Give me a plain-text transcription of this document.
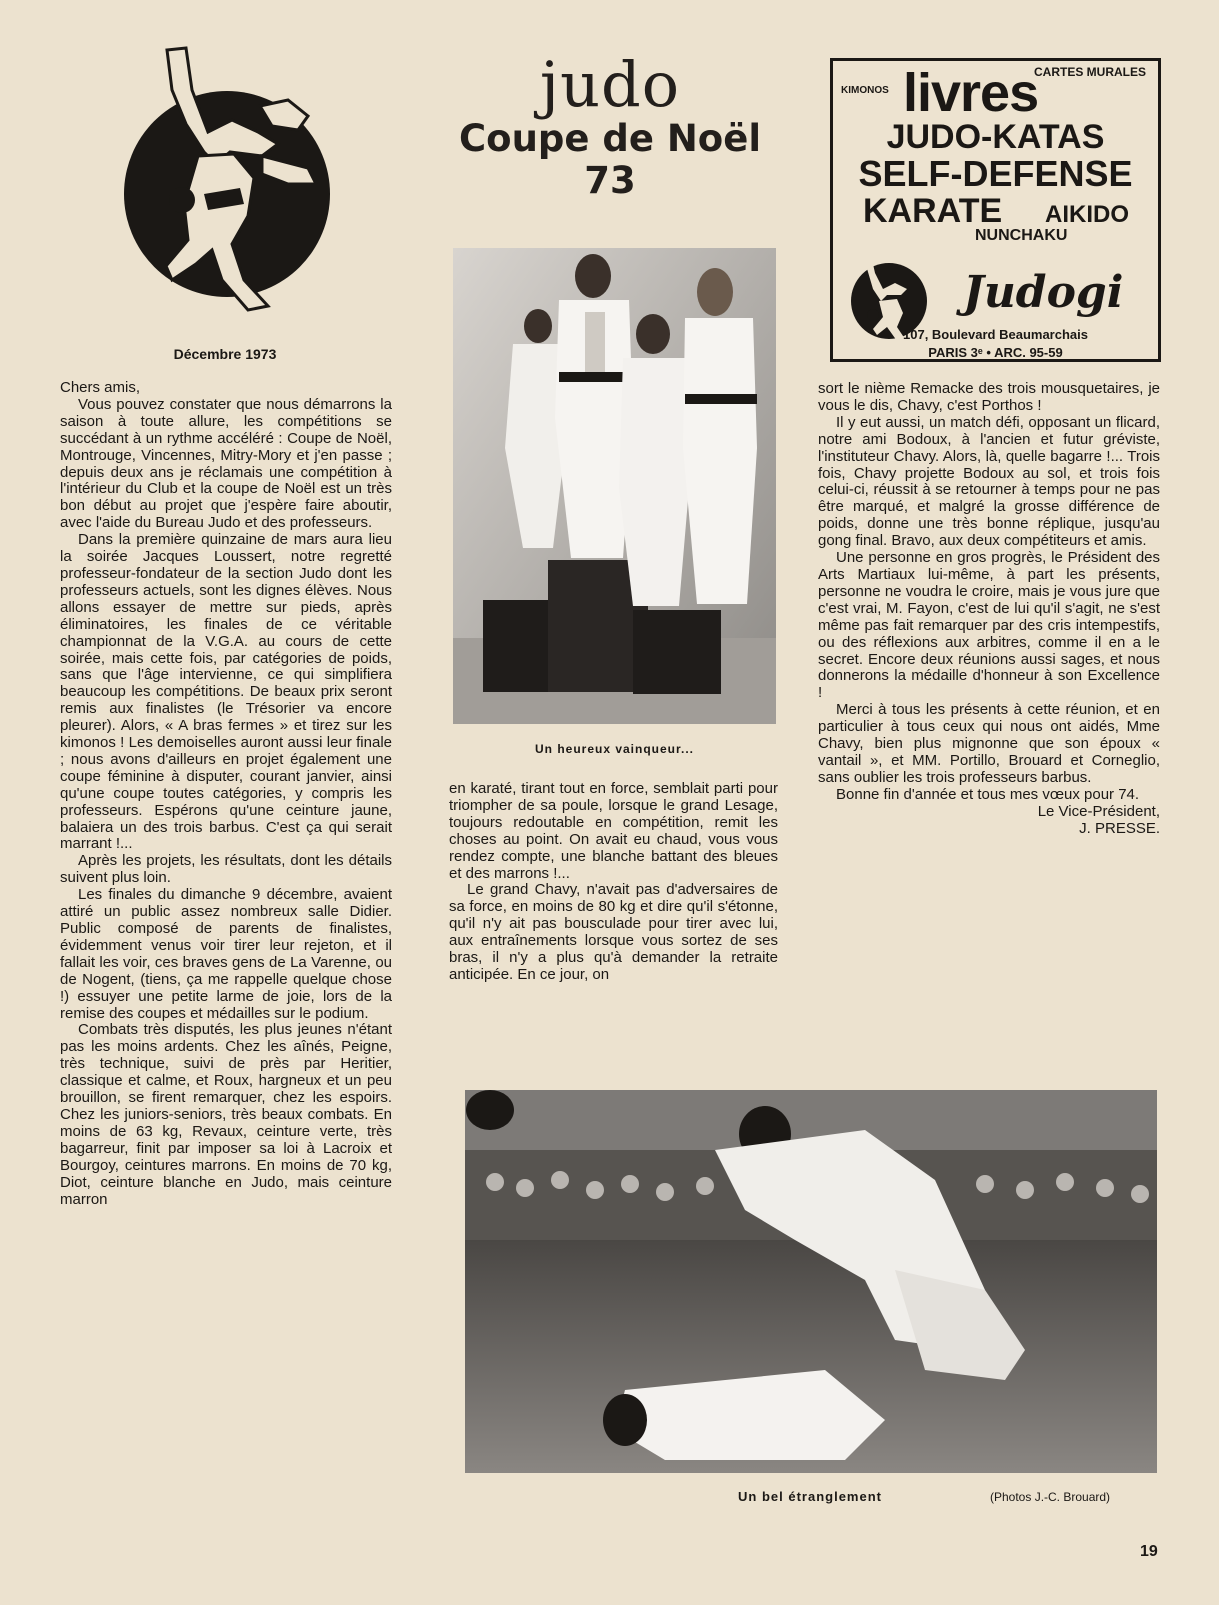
Décembre 1973
judo
Coupe de Noël 73
CARTES MURALES
KIMONOS livres
JUDO-KATAS
SELF-DEFENSE
KARATE AIKIDO
NUNCHAKU
Judogi
107, Boulevard Beaumarchais
PARIS 3ᵉ • ARC. 95-59
Un heureux vainqueur...
Un bel étranglement	(Photos J.-C. Brouard)

Chers amis,

Vous pouvez constater que nous démarrons la saison à toute allure, les compétitions se succédant à un rythme accéléré : Coupe de Noël, Montrouge, Vincennes, Mitry-Mory et j'en passe ; depuis deux ans je réclamais une compétition à l'intérieur du Club et la coupe de Noël est un très bon début au projet que j'espère faire aboutir, avec l'aide du Bureau Judo et des professeurs.

Dans la première quinzaine de mars aura lieu la soirée Jacques Loussert, notre regretté professeur-fondateur de la section Judo dont les professeurs actuels, sont les dignes élèves. Nous allons essayer de mettre sur pieds, après éliminatoires, les finales de ce véritable championnat de la V.G.A. au cours de cette soirée, mais cette fois, par catégories de poids, sans que l'âge intervienne, ce qui simplifiera beaucoup les compétitions. De beaux prix seront remis aux finalistes (le Trésorier va encore pleurer). Alors, « A bras fermes » et tirez sur les kimonos ! Les demoiselles auront aussi leur finale ; nous avons d'ailleurs en projet également une coupe féminine à disputer, courant janvier, ainsi qu'une coupe toutes catégories, y compris les professeurs. Espérons qu'une ceinture jaune, balaiera un des trois barbus. C'est ça qui serait marrant !...

Après les projets, les résultats, dont les détails suivent plus loin.

Les finales du dimanche 9 décembre, avaient attiré un public assez nombreux salle Didier. Public composé de parents de finalistes, évidemment venus voir tirer leur rejeton, et il fallait les voir, ces braves gens de La Varenne, ou de Nogent, (tiens, ça me rappelle quelque chose !) essuyer une petite larme de joie, lors de la remise des coupes et médailles sur le podium.

Combats très disputés, les plus jeunes n'étant pas les moins ardents. Chez les aînés, Peigne, très technique, suivi de près par Heritier, classique et calme, et Roux, hargneux et un peu brouillon, se firent remarquer, chez les espoirs. Chez les juniors-seniors, très beaux combats. En moins de 63 kg, Revaux, ceinture verte, très bagarreur, finit par imposer sa loi à Lacroix et Bourgoy, ceintures marrons. En moins de 70 kg, Diot, ceinture blanche en Judo, mais ceinture marron

en karaté, tirant tout en force, semblait parti pour triompher de sa poule, lorsque le grand Lesage, toujours redoutable en compétition, remit les choses au point. On avait eu chaud, vous vous rendez compte, une blanche battant des bleues et des marrons !...

Le grand Chavy, n'avait pas d'adversaires de sa force, en moins de 80 kg et dire qu'il s'étonne, qu'il n'y ait pas bousculade pour tirer avec lui, aux entraînements lorsque vous sortez de ses bras, il n'y a plus qu'à demander la retraite anticipée. En ce jour, on

sort le nième Remacke des trois mousquetaires, je vous le dis, Chavy, c'est Porthos !

Il y eut aussi, un match défi, opposant un flicard, notre ami Bodoux, à l'ancien et futur gréviste, l'instituteur Chavy. Alors, là, quelle bagarre !... Trois fois, Chavy projette Bodoux au sol, et trois fois celui-ci, réussit à se retourner à temps pour ne pas être marqué, et malgré la grosse différence de poids, donne une très bonne réplique, jusqu'au gong final. Bravo, aux deux compétiteurs et amis.

Une personne en gros progrès, le Président des Arts Martiaux lui-même, à part les présents, personne ne voudra le croire, mais je vous jure que c'est vrai, M. Fayon, c'est de lui qu'il s'agit, ne s'est même pas fait remarquer par des cris intempestifs, ou des réflexions aux arbitres, comme il en a le secret. Encore deux réunions aussi sages, et nous donnerons la médaille d'honneur à son Excellence !

Merci à tous les présents à cette réunion, et en particulier à tous ceux qui nous ont aidés, Mme Chavy, bien plus mignonne que son époux « vantail », et MM. Portillo, Brouard et Corneglio, sans oublier les trois professeurs barbus.

Bonne fin d'année et tous mes vœux pour 74.

Le Vice-Président,

J. PRESSE.

19
